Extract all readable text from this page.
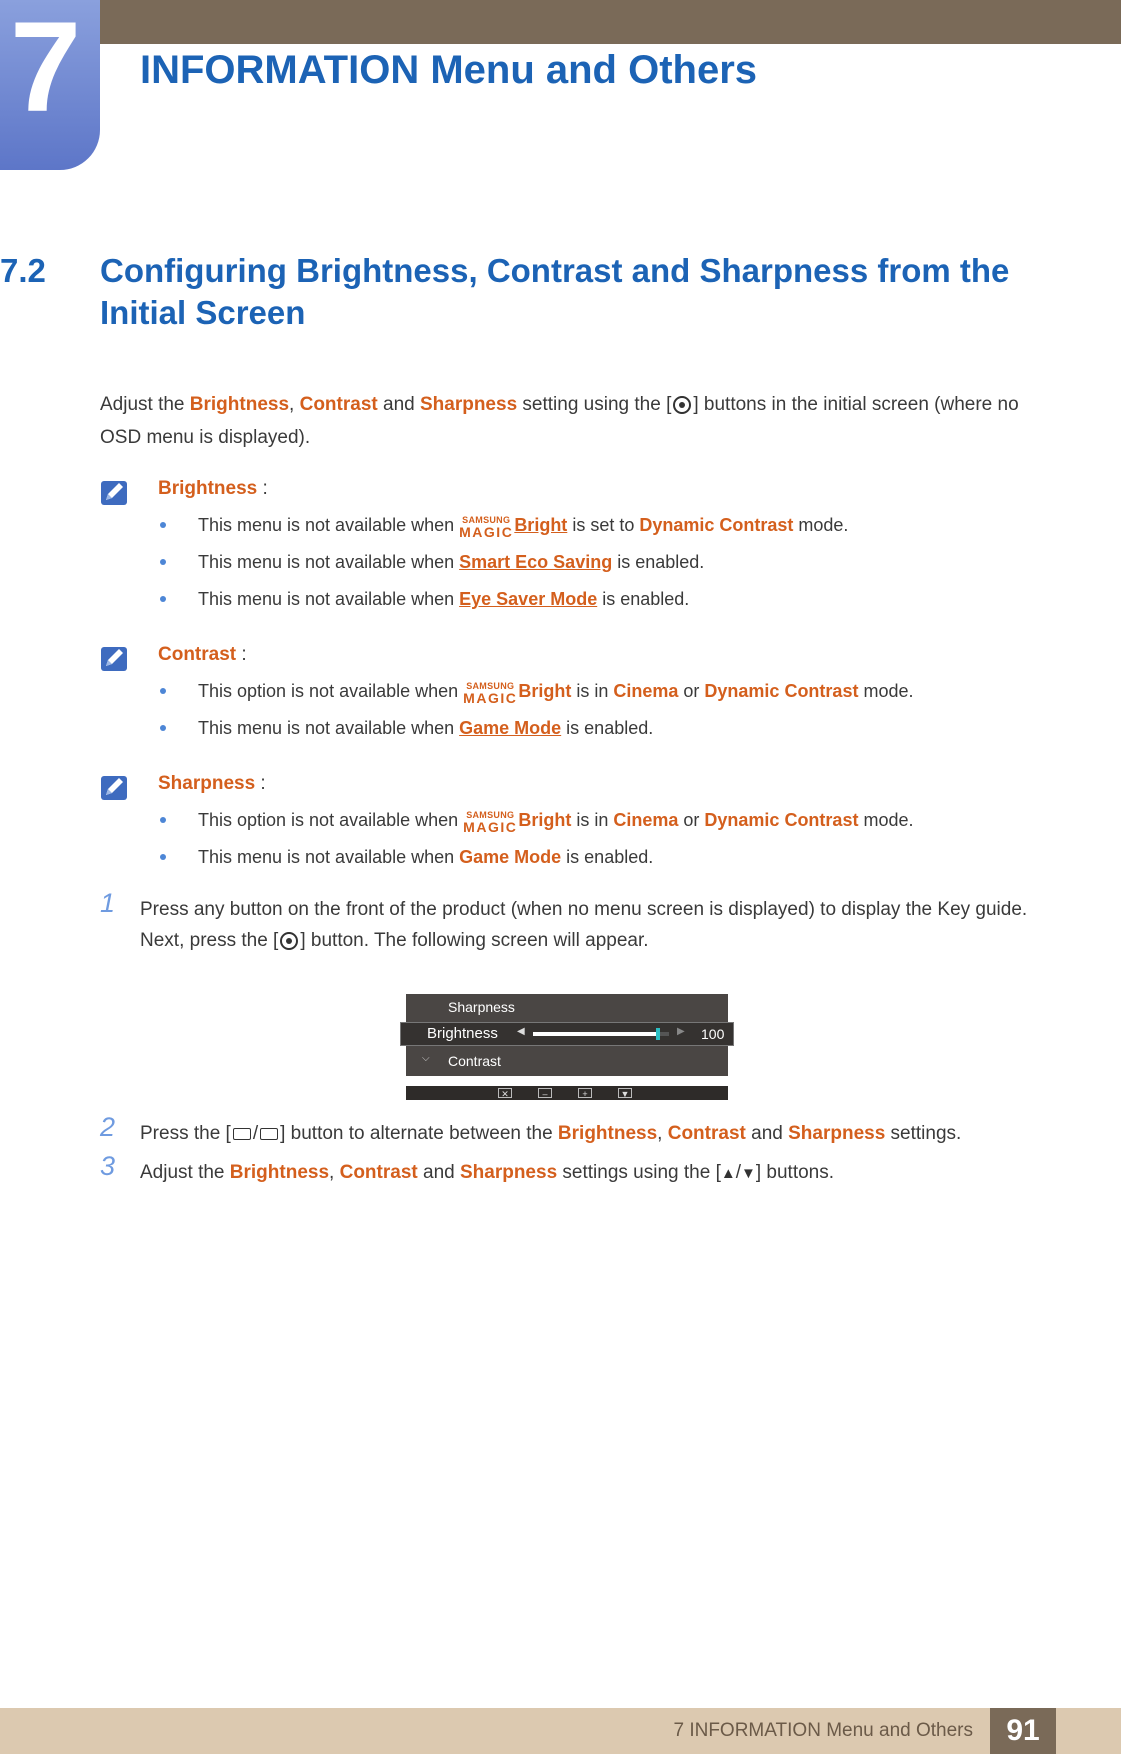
7 INFORMATION Menu and Others
7.2 Configuring Brightness, Contrast and Sharpness from the Initial Screen
Adjust the Brightness, Contrast and Sharpness setting using the [ ] buttons in the initial screen (where no OSD menu is displayed).
Brightness :
This menu is not available when SAMSUNG
MAGIC Bright is set to Dynamic Contrast mode.
This menu is not available when Smart Eco Saving is enabled.
This menu is not available when Eye Saver Mode is enabled.
Contrast :
This option is not available when SAMSUNG
MAGIC Bright is in Cinema or Dynamic Contrast mode.
This menu is not available when Game Mode is enabled.
Sharpness :
This option is not available when SAMSUNG
MAGIC Bright is in Cinema or Dynamic Contrast mode.
This menu is not available when Game Mode is enabled.
1 Press any button on the front of the product (when no menu screen is displayed) to display the Key guide. Next, press the [ ] button. The following screen will appear.
Sharpness
Brightness ◀	▶ 100
⌵ Contrast
✕	–	+	▼
2 Press the [ / ] button to alternate between the Brightness, Contrast and Sharpness settings.
3 Adjust the Brightness, Contrast and Sharpness settings using the [▲/▼] buttons.
7 INFORMATION Menu and Others	91
